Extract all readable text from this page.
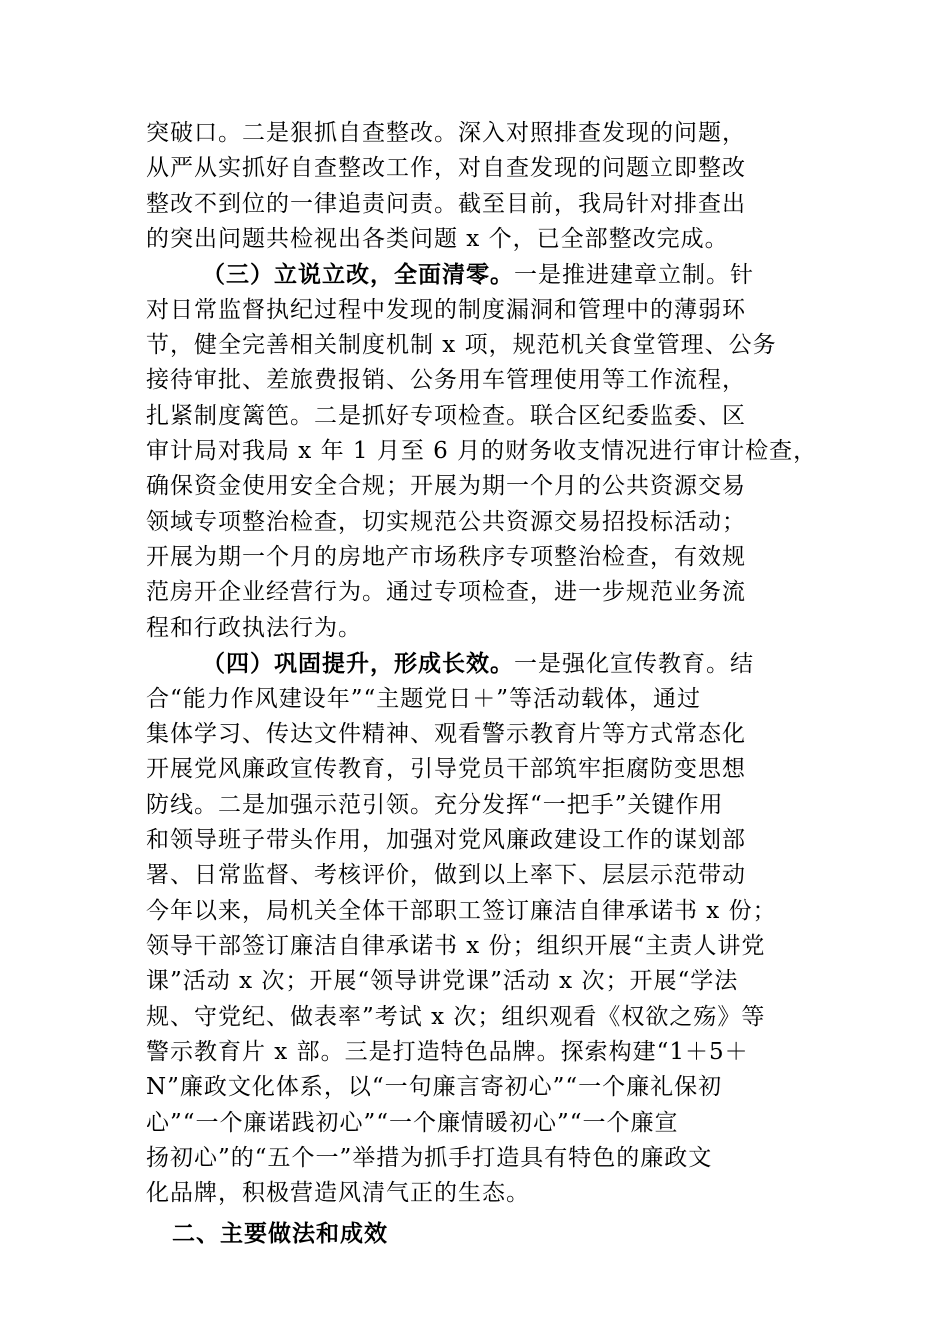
突破口。二是狠抓自查整改。深入对照排查发现的问题，
从严从实抓好自查整改工作，对自查发现的问题立即整改
整改不到位的一律追责问责。截至目前，我局针对排查出
的突出问题共检视出各类问题 x 个，已全部整改完成。
（三）立说立改，全面清零。一是推进建章立制。针
对日常监督执纪过程中发现的制度漏洞和管理中的薄弱环
节，健全完善相关制度机制 x 项，规范机关食堂管理、公务
接待审批、差旅费报销、公务用车管理使用等工作流程，
扎紧制度篱笆。二是抓好专项检查。联合区纪委监委、区
审计局对我局 x 年 1 月至 6 月的财务收支情况进行审计检查，
确保资金使用安全合规；开展为期一个月的公共资源交易
领域专项整治检查，切实规范公共资源交易招投标活动；
开展为期一个月的房地产市场秩序专项整治检查，有效规
范房开企业经营行为。通过专项检查，进一步规范业务流
程和行政执法行为。
（四）巩固提升，形成长效。一是强化宣传教育。结
合“能力作风建设年”“主题党日＋”等活动载体，通过
集体学习、传达文件精神、观看警示教育片等方式常态化
开展党风廉政宣传教育，引导党员干部筑牢拒腐防变思想
防线。二是加强示范引领。充分发挥“一把手”关键作用
和领导班子带头作用，加强对党风廉政建设工作的谋划部
署、日常监督、考核评价，做到以上率下、层层示范带动
今年以来，局机关全体干部职工签订廉洁自律承诺书 x 份；
领导干部签订廉洁自律承诺书 x 份；组织开展“主责人讲党
课”活动 x 次；开展“领导讲党课”活动 x 次；开展“学法
规、守党纪、做表率”考试 x 次；组织观看《权欲之殇》等
警示教育片 x 部。三是打造特色品牌。探索构建“1＋5＋
N”廉政文化体系，以“一句廉言寄初心”“一个廉礼保初
心”“一个廉诺践初心”“一个廉情暖初心”“一个廉宣
扬初心”的“五个一”举措为抓手打造具有特色的廉政文
化品牌，积极营造风清气正的生态。
二、主要做法和成效
